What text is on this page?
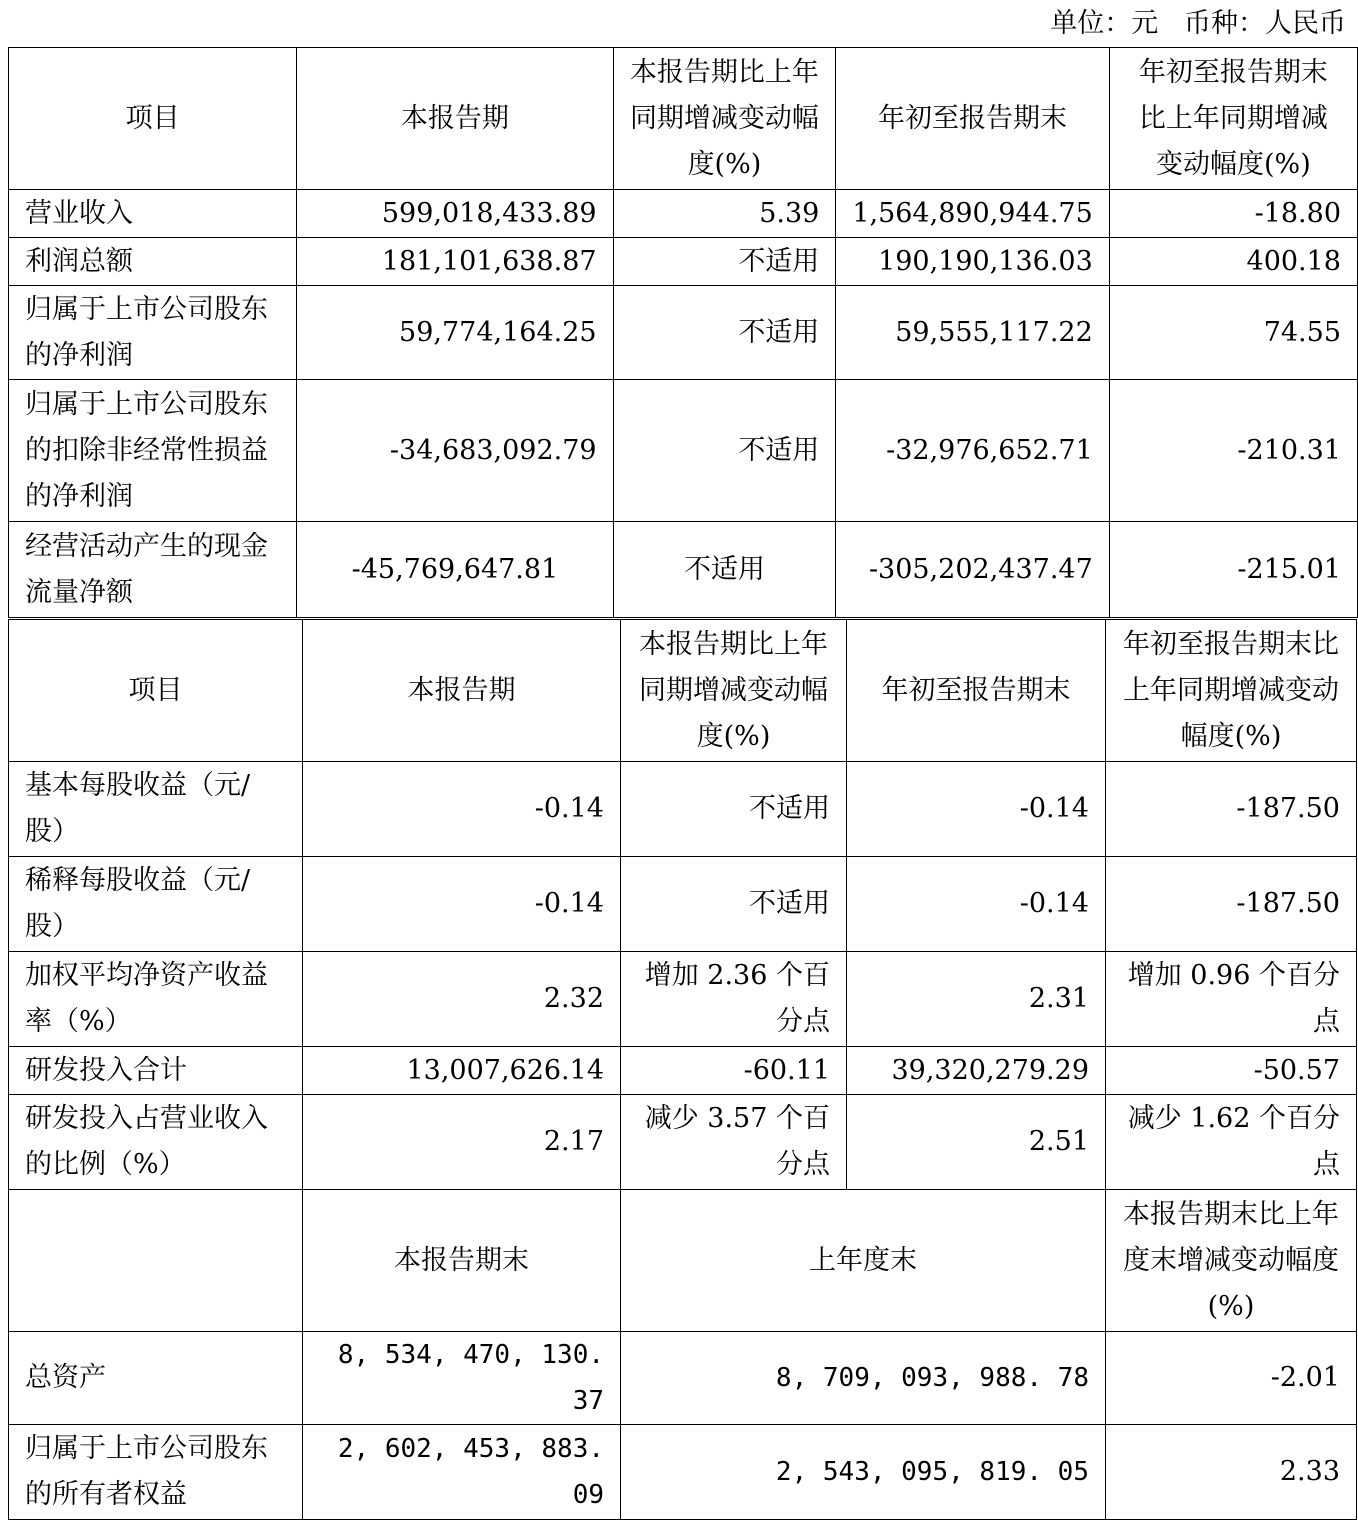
单位：元   币种：人民币
项目	本报告期	本报告期比上年同期增减变动幅度(%)	年初至报告期末	年初至报告期末比上年同期增减变动幅度(%)
营业收入	599,018,433.89	5.39	1,564,890,944.75	-18.80
利润总额	181,101,638.87	不适用	190,190,136.03	400.18
归属于上市公司股东的净利润	59,774,164.25	不适用	59,555,117.22	74.55
归属于上市公司股东的扣除非经常性损益的净利润	-34,683,092.79	不适用	-32,976,652.71	-210.31
经营活动产生的现金流量净额	-45,769,647.81	不适用	-305,202,437.47	-215.01
项目	本报告期	本报告期比上年同期增减变动幅度(%)	年初至报告期末	年初至报告期末比上年同期增减变动幅度(%)
基本每股收益（元/股）	-0.14	不适用	-0.14	-187.50
稀释每股收益（元/股）	-0.14	不适用	-0.14	-187.50
加权平均净资产收益率（%）	2.32	增加 2.36 个百分点	2.31	增加 0.96 个百分点
研发投入合计	13,007,626.14	-60.11	39,320,279.29	-50.57
研发投入占营业收入的比例（%）	2.17	减少 3.57 个百分点	2.51	减少 1.62 个百分点
	本报告期末	上年度末		本报告期末比上年度末增减变动幅度(%)
总资产	8, 534, 470, 130. 37	8, 709, 093, 988. 78		-2.01
归属于上市公司股东的所有者权益	2, 602, 453, 883. 09	2, 543, 095, 819. 05		2.33
